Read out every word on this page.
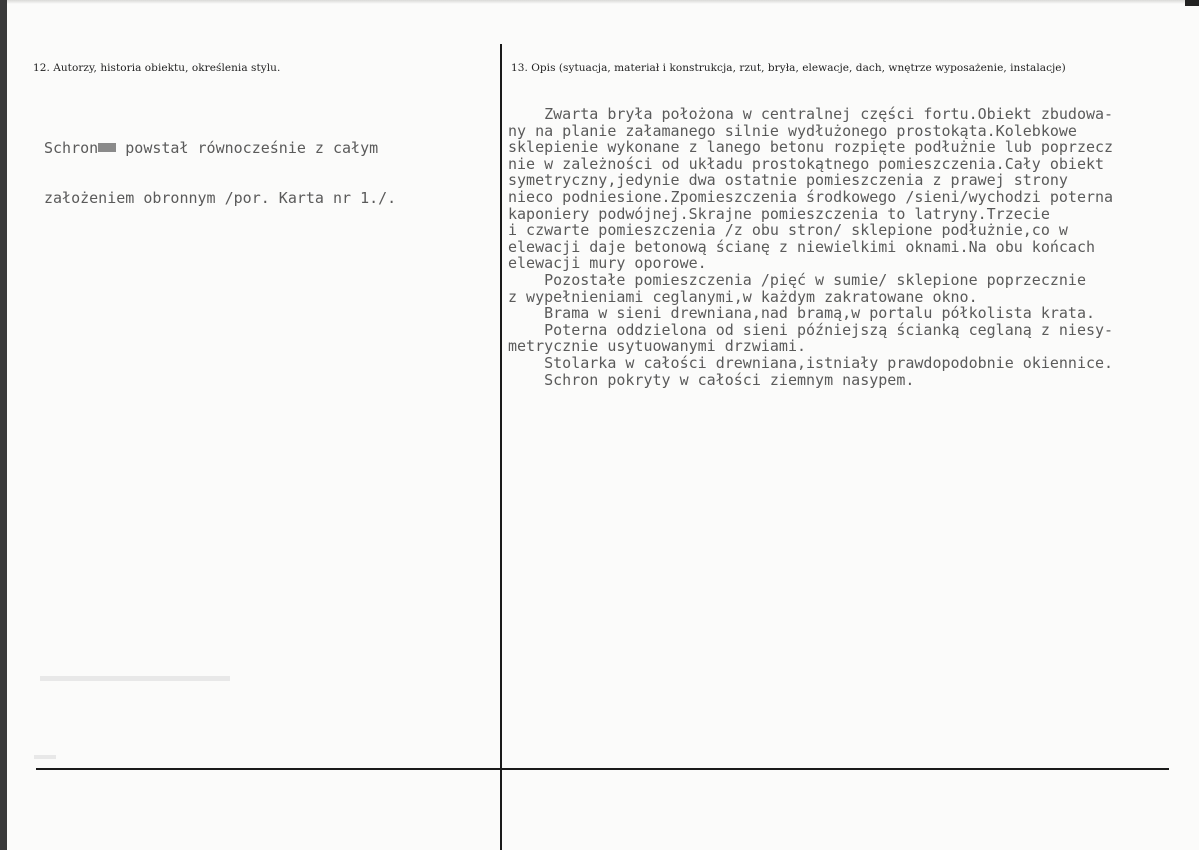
12. Autorzy, historia obiektu, określenia stylu.	13. Opis (sytuacja, materiał i konstrukcja, rzut, bryła, elewacje, dach, wnętrze wyposażenie, instalacje)

Schron powstał równocześnie z całym

założeniem obronnym /por. Karta nr 1./.

Zwarta bryła położona w centralnej części fortu.Obiekt zbudowa-
ny na planie załamanego silnie wydłużonego prostokąta.Kolebkowe
sklepienie wykonane z lanego betonu rozpięte podłużnie lub poprzecz
nie w zależności od układu prostokątnego pomieszczenia.Cały obiekt
symetryczny,jedynie dwa ostatnie pomieszczenia z prawej strony
nieco podniesione.Zpomieszczenia środkowego /sieni/wychodzi poterna
kaponiery podwójnej.Skrajne pomieszczenia to latryny.Trzecie
i czwarte pomieszczenia /z obu stron/ sklepione podłużnie,co w
elewacji daje betonową ścianę z niewielkimi oknami.Na obu końcach
elewacji mury oporowe.
Pozostałe pomieszczenia /pięć w sumie/ sklepione poprzecznie
z wypełnieniami ceglanymi,w każdym zakratowane okno.
Brama w sieni drewniana,nad bramą,w portalu półkolista krata.
Poterna oddzielona od sieni późniejszą ścianką ceglaną z niesy-
metrycznie usytuowanymi drzwiami.
Stolarka w całości drewniana,istniały prawdopodobnie okiennice.
Schron pokryty w całości ziemnym nasypem.
